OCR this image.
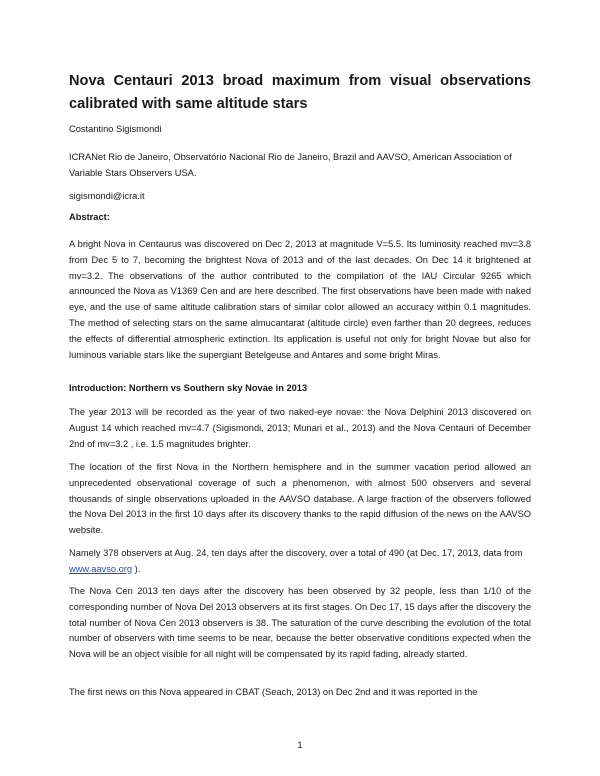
Nova Centauri 2013 broad maximum from visual observations calibrated with same altitude stars

Costantino Sigismondi

ICRANet Rio de Janeiro, Observatório Nacional Rio de Janeiro, Brazil and AAVSO, American Association of Variable Stars Observers USA.

sigismondi@icra.it

Abstract:

A bright Nova in Centaurus was discovered on Dec 2, 2013 at magnitude V=5.5. Its luminosity reached mv=3.8 from Dec 5 to 7, becoming the brightest Nova of 2013 and of the last decades. On Dec 14 it brightened at mv=3.2. The observations of the author contributed to the compilation of the IAU Circular 9265 which announced the Nova as V1369 Cen and are here described. The first observations have been made with naked eye, and the use of same altitude calibration stars of similar color allowed an accuracy within 0.1 magnitudes. The method of selecting stars on the same almucantarat (altitude circle) even farther than 20 degrees, reduces the effects of differential atmospheric extinction. Its application is useful not only for bright Novae but also for luminous variable stars like the supergiant Betelgeuse and Antares and some bright Miras.

Introduction: Northern vs Southern sky Novae in 2013

The year 2013 will be recorded as the year of two naked-eye novae: the Nova Delphini 2013 discovered on August 14 which reached mv=4.7 (Sigismondi, 2013; Munari et al., 2013) and the Nova Centauri of December 2nd of mv=3.2 , i.e. 1.5 magnitudes brighter.

The location of the first Nova in the Northern hemisphere and in the summer vacation period allowed an unprecedented observational coverage of such a phenomenon, with almost 500 observers and several thousands of single observations uploaded in the AAVSO database. A large fraction of the observers followed the Nova Del 2013 in the first 10 days after its discovery thanks to the rapid diffusion of the news on the AAVSO website.

Namely 378 observers at Aug. 24, ten days after the discovery, over a total of 490 (at Dec. 17, 2013, data from www.aavso.org ).

The Nova Cen 2013 ten days after the discovery has been observed by 32 people, less than 1/10 of the corresponding number of Nova Del 2013 observers at its first stages. On Dec 17, 15 days after the discovery the total number of Nova Cen 2013 observers is 38. The saturation of the curve describing the evolution of the total number of observers with time seems to be near, because the better observative conditions expected when the Nova will be an object visible for all night will be compensated by its rapid fading, already started.

The first news on this Nova appeared in CBAT (Seach, 2013) on Dec 2nd and it was reported in the

1
